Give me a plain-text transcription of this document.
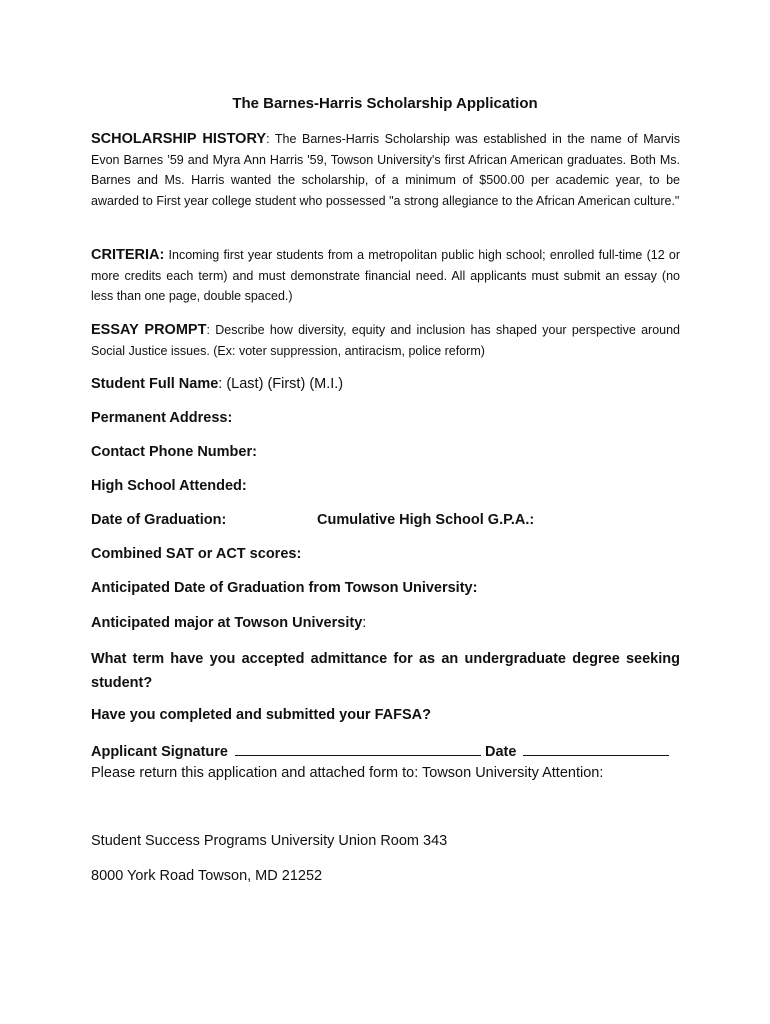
The Barnes-Harris Scholarship Application
SCHOLARSHIP HISTORY: The Barnes-Harris Scholarship was established in the name of Marvis Evon Barnes ’59 and Myra Ann Harris '59, Towson University's first African American graduates. Both Ms. Barnes and Ms. Harris wanted the scholarship, of a minimum of $500.00 per academic year, to be awarded to First year college student who possessed "a strong allegiance to the African American culture."
CRITERIA: Incoming first year students from a metropolitan public high school; enrolled full-time (12 or more credits each term) and must demonstrate financial need. All applicants must submit an essay (no less than one page, double spaced.)
ESSAY PROMPT: Describe how diversity, equity and inclusion has shaped your perspective around Social Justice issues. (Ex: voter suppression, antiracism, police reform)
Student Full Name: (Last) (First) (M.I.)
Permanent Address:
Contact Phone Number:
High School Attended:
Date of Graduation:	Cumulative High School G.P.A.:
Combined SAT or ACT scores:
Anticipated Date of Graduation from Towson University:
Anticipated major at Towson University:
What term have you accepted admittance for as an undergraduate degree seeking student?
Have you completed and submitted your FAFSA?
Applicant Signature	Date
Please return this application and attached form to: Towson University Attention:
Student Success Programs University Union Room 343
8000 York Road Towson, MD 21252
